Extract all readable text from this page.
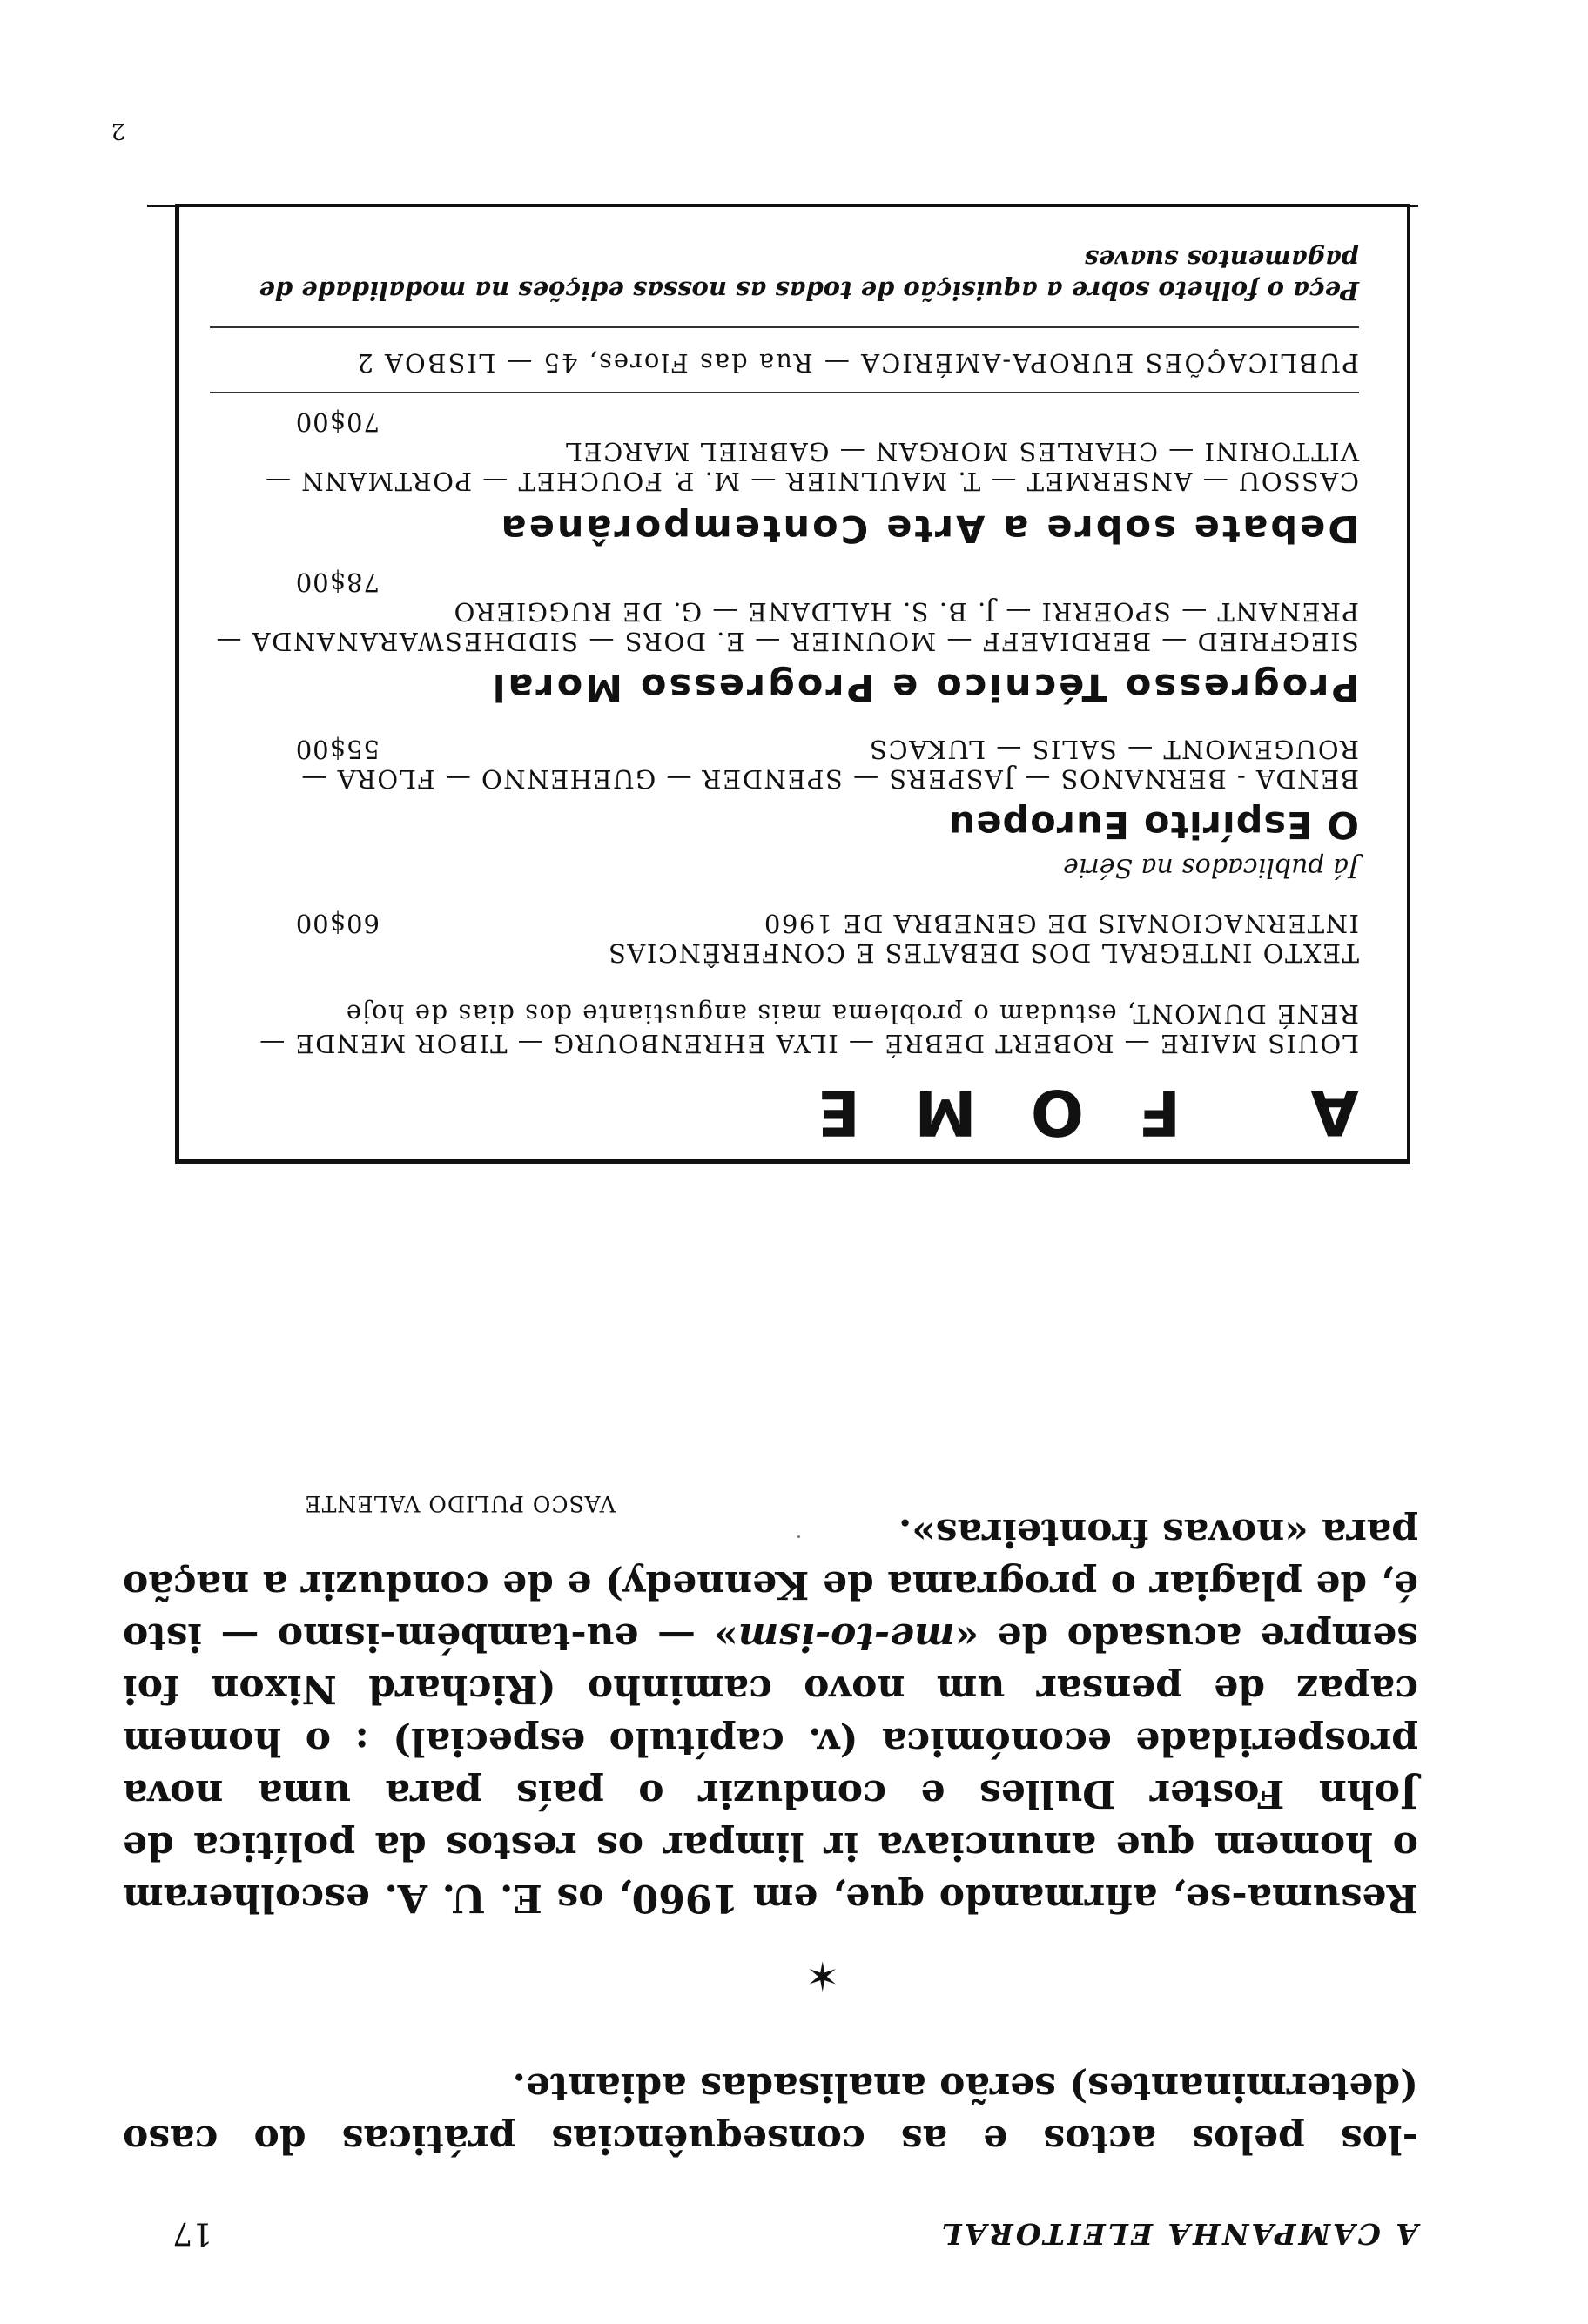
A CAMPANHA ELEITORAL
17

-los pelos actos e as consequências práticas do caso (determinantes) serão analisadas adiante.

✶

Resuma-se, afirmando que, em 1960, os E. U. A. escolheram o homem que anunciava ir limpar os restos da política de John Foster Dulles e conduzir o país para uma nova prosperidade económica (v. capítulo especial) : o homem capaz de pensar um novo caminho (Richard Nixon foi sempre acusado de «me-to-ism» — eu-também-ismo — isto é, de plagiar o programa de Kennedy) e de conduzir a nação para «novas fronteiras».

VASCO PULIDO VALENTE
A FOME
LOUIS MAIRE — ROBERT DEBRÉ — ILYA EHRENBOURG — TIBOR MENDE — RENÉ DUMONT, estudam o problema mais angustiante dos dias de hoje
TEXTO INTEGRAL DOS DEBATES E CONFERÊNCIAS INTERNACIONAIS DE GENEBRA DE 1960
60$00
Já publicados na Série
O Espírito Europeu
BENDA - BERNANOS — JASPERS — SPENDER — GUEHENNO — FLORA — ROUGEMONT — SALIS — LUKACS
55$00
Progresso Técnico e Progresso Moral
SIEGFRIED — BERDIAEFF — MOUNIER — E. DORS — SIDDHESWARANANDA — PRENANT — SPOERRI — J. B. S. HALDANE — G. DE RUGGIERO
78$00
Debate sobre a Arte Contemporânea
CASSOU — ANSERMET — T. MAULNIER — M. P. FOUCHET — PORTMANN — VITTORINI — CHARLES MORGAN — GABRIEL MARCEL
70$00
PUBLICAÇÕES EUROPA-AMÉRICA — Rua das Flores, 45 — LISBOA 2
Peça o folheto sobre a aquisição de todas as nossas edições na modalidade de pagamentos suaves
2
